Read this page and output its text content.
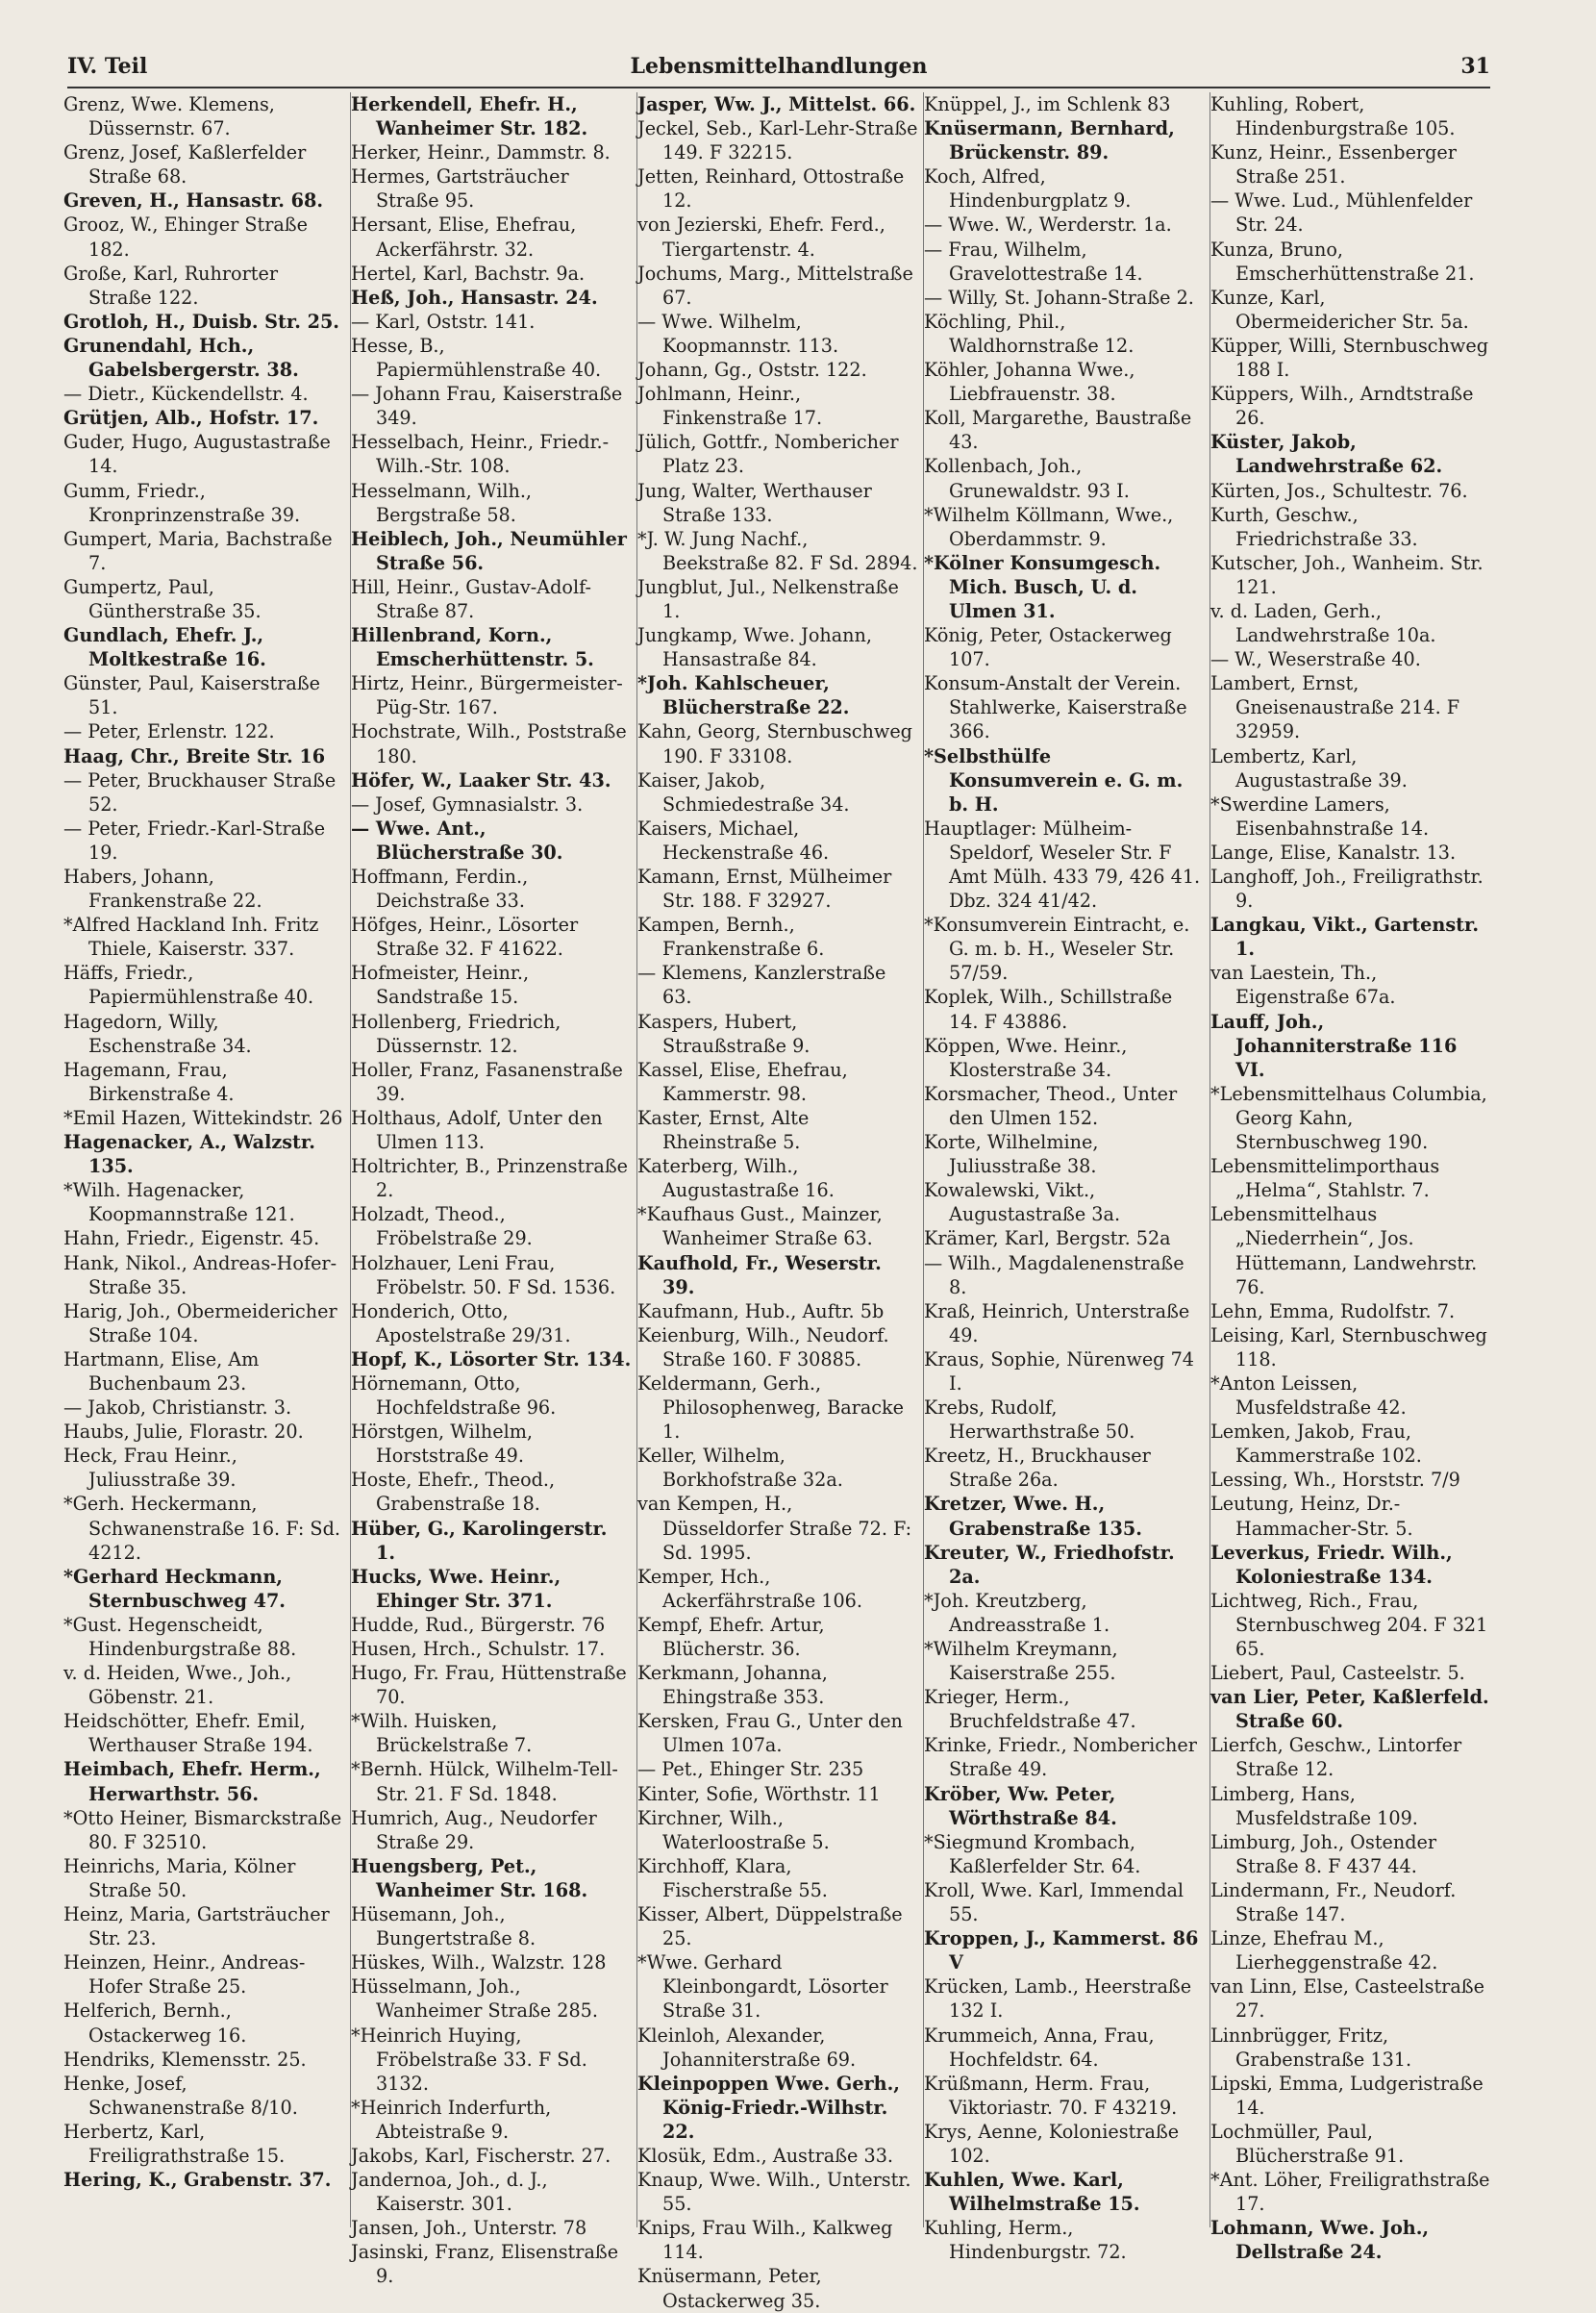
IV. Teil	Lebensmittelhandlungen	31
Grenz, Wwe. Klemens, Düssernstr. 67.
Grenz, Josef, Kaßlerfelder Straße 68.
Greven, H., Hansastr. 68.
Grooz, W., Ehinger Straße 182.
Große, Karl, Ruhrorter Straße 122.
Grotloh, H., Duisb. Str. 25.
Grunendahl, Hch., Gabelsbergerstr. 38.
— Dietr., Kückendellstr. 4.
Grütjen, Alb., Hofstr. 17.
Guder, Hugo, Augustastraße 14.
Gumm, Friedr., Kronprinzenstraße 39.
Gumpert, Maria, Bachstraße 7.
Gumpertz, Paul, Güntherstraße 35.
Gundlach, Ehefr. J., Moltkestraße 16.
Günster, Paul, Kaiserstraße 51.
— Peter, Erlenstr. 122.
Haag, Chr., Breite Str. 16
— Peter, Bruckhauser Straße 52.
— Peter, Friedr.-Karl-Straße 19.
Habers, Johann, Frankenstraße 22.
*Alfred Hackland Inh. Fritz Thiele, Kaiserstr. 337.
Häffs, Friedr., Papiermühlenstraße 40.
Hagedorn, Willy, Eschenstraße 34.
Hagemann, Frau, Birkenstraße 4.
*Emil Hazen, Wittekindstr. 26
Hagenacker, A., Walzstr. 135.
*Wilh. Hagenacker, Koopmannstraße 121.
Hahn, Friedr., Eigenstr. 45.
Hank, Nikol., Andreas-Hofer-Straße 35.
Harig, Joh., Obermeidericher Straße 104.
Hartmann, Elise, Am Buchenbaum 23.
— Jakob, Christianstr. 3.
Haubs, Julie, Florastr. 20.
Heck, Frau Heinr., Juliusstraße 39.
*Gerh. Heckermann, Schwanenstraße 16. F: Sd. 4212.
*Gerhard Heckmann, Sternbuschweg 47.
*Gust. Hegenscheidt, Hindenburgstraße 88.
v. d. Heiden, Wwe., Joh., Göbenstr. 21.
Heidschötter, Ehefr. Emil, Werthauser Straße 194.
Heimbach, Ehefr. Herm., Herwarthstr. 56.
*Otto Heiner, Bismarckstraße 80. F 32510.
Heinrichs, Maria, Kölner Straße 50.
Heinz, Maria, Gartsträucher Str. 23.
Heinzen, Heinr., Andreas-Hofer Straße 25.
Helferich, Bernh., Ostackerweg 16.
Hendriks, Klemensstr. 25.
Henke, Josef, Schwanenstraße 8/10.
Herbertz, Karl, Freiligrathstraße 15.
Hering, K., Grabenstr. 37.
Herkendell, Ehefr. H., Wanheimer Str. 182.
Herker, Heinr., Dammstr. 8.
Hermes, Gartsträucher Straße 95.
Hersant, Elise, Ehefrau, Ackerfährstr. 32.
Hertel, Karl, Bachstr. 9a.
Heß, Joh., Hansastr. 24.
— Karl, Oststr. 141.
Hesse, B., Papiermühlenstraße 40.
— Johann Frau, Kaiserstraße 349.
Hesselbach, Heinr., Friedr.-Wilh.-Str. 108.
Hesselmann, Wilh., Bergstraße 58.
Heiblech, Joh., Neumühler Straße 56.
Hill, Heinr., Gustav-Adolf-Straße 87.
Hillenbrand, Korn., Emscherhüttenstr. 5.
Hirtz, Heinr., Bürgermeister-Püg-Str. 167.
Hochstrate, Wilh., Poststraße 180.
Höfer, W., Laaker Str. 43.
— Josef, Gymnasialstr. 3.
— Wwe. Ant., Blücherstraße 30.
Hoffmann, Ferdin., Deichstraße 33.
Höfges, Heinr., Lösorter Straße 32. F 41622.
Hofmeister, Heinr., Sandstraße 15.
Hollenberg, Friedrich, Düssernstr. 12.
Holler, Franz, Fasanenstraße 39.
Holthaus, Adolf, Unter den Ulmen 113.
Holtrichter, B., Prinzenstraße 2.
Holzadt, Theod., Fröbelstraße 29.
Holzhauer, Leni Frau, Fröbelstr. 50. F Sd. 1536.
Honderich, Otto, Apostelstraße 29/31.
Hopf, K., Lösorter Str. 134.
Hörnemann, Otto, Hochfeldstraße 96.
Hörstgen, Wilhelm, Horststraße 49.
Hoste, Ehefr., Theod., Grabenstraße 18.
Hüber, G., Karolingerstr. 1.
Hucks, Wwe. Heinr., Ehinger Str. 371.
Hudde, Rud., Bürgerstr. 76
Husen, Hrch., Schulstr. 17.
Hugo, Fr. Frau, Hüttenstraße 70.
*Wilh. Huisken, Brückelstraße 7.
*Bernh. Hülck, Wilhelm-Tell-Str. 21. F Sd. 1848.
Humrich, Aug., Neudorfer Straße 29.
Huengsberg, Pet., Wanheimer Str. 168.
Hüsemann, Joh., Bungertstraße 8.
Hüskes, Wilh., Walzstr. 128
Hüsselmann, Joh., Wanheimer Straße 285.
*Heinrich Huying, Fröbelstraße 33. F Sd. 3132.
*Heinrich Inderfurth, Abteistraße 9.
Jakobs, Karl, Fischerstr. 27.
Jandernoa, Joh., d. J., Kaiserstr. 301.
Jansen, Joh., Unterstr. 78
Jasinski, Franz, Elisenstraße 9.
Jasper, Ww. J., Mittelst. 66.
Jeckel, Seb., Karl-Lehr-Straße 149. F 32215.
Jetten, Reinhard, Ottostraße 12.
von Jezierski, Ehefr. Ferd., Tiergartenstr. 4.
Jochums, Marg., Mittelstraße 67.
— Wwe. Wilhelm, Koopmannstr. 113.
Johann, Gg., Oststr. 122.
Johlmann, Heinr., Finkenstraße 17.
Jülich, Gottfr., Nombericher Platz 23.
Jung, Walter, Werthauser Straße 133.
*J. W. Jung Nachf., Beekstraße 82. F Sd. 2894.
Jungblut, Jul., Nelkenstraße 1.
Jungkamp, Wwe. Johann, Hansastraße 84.
*Joh. Kahlscheuer, Blücherstraße 22.
Kahn, Georg, Sternbuschweg 190. F 33108.
Kaiser, Jakob, Schmiedestraße 34.
Kaisers, Michael, Heckenstraße 46.
Kamann, Ernst, Mülheimer Str. 188. F 32927.
Kampen, Bernh., Frankenstraße 6.
— Klemens, Kanzlerstraße 63.
Kaspers, Hubert, Straußstraße 9.
Kassel, Elise, Ehefrau, Kammerstr. 98.
Kaster, Ernst, Alte Rheinstraße 5.
Katerberg, Wilh., Augustastraße 16.
*Kaufhaus Gust., Mainzer, Wanheimer Straße 63.
Kaufhold, Fr., Weserstr. 39.
Kaufmann, Hub., Auftr. 5b
Keienburg, Wilh., Neudorf. Straße 160. F 30885.
Keldermann, Gerh., Philosophenweg, Baracke 1.
Keller, Wilhelm, Borkhofstraße 32a.
van Kempen, H., Düsseldorfer Straße 72. F: Sd. 1995.
Kemper, Hch., Ackerfährstraße 106.
Kempf, Ehefr. Artur, Blücherstr. 36.
Kerkmann, Johanna, Ehingstraße 353.
Kersken, Frau G., Unter den Ulmen 107a.
— Pet., Ehinger Str. 235
Kinter, Sofie, Wörthstr. 11
Kirchner, Wilh., Waterloostraße 5.
Kirchhoff, Klara, Fischerstraße 55.
Kisser, Albert, Düppelstraße 25.
*Wwe. Gerhard Kleinbongardt, Lösorter Straße 31.
Kleinloh, Alexander, Johanniterstraße 69.
Kleinpoppen Wwe. Gerh., König-Friedr.-Wilhstr. 22.
Klosük, Edm., Austraße 33.
Knaup, Wwe. Wilh., Unterstr. 55.
Knips, Frau Wilh., Kalkweg 114.
Knüsermann, Peter, Ostackerweg 35.
Knüppel, J., im Schlenk 83
Knüsermann, Bernhard, Brückenstr. 89.
Koch, Alfred, Hindenburgplatz 9.
— Wwe. W., Werderstr. 1a.
— Frau, Wilhelm, Gravelottestraße 14.
— Willy, St. Johann-Straße 2.
Köchling, Phil., Waldhornstraße 12.
Köhler, Johanna Wwe., Liebfrauenstr. 38.
Koll, Margarethe, Baustraße 43.
Kollenbach, Joh., Grunewaldstr. 93 I.
*Wilhelm Köllmann, Wwe., Oberdammstr. 9.
*Kölner Konsumgesch. Mich. Busch, U. d. Ulmen 31.
König, Peter, Ostackerweg 107.
Konsum-Anstalt der Verein. Stahlwerke, Kaiserstraße 366.
*Selbsthülfe Konsumverein e. G. m. b. H.
Hauptlager: Mülheim-Speldorf, Weseler Str. F Amt Mülh. 433 79, 426 41. Dbz. 324 41/42.
*Konsumverein Eintracht, e. G. m. b. H., Weseler Str. 57/59.
Koplek, Wilh., Schillstraße 14. F 43886.
Köppen, Wwe. Heinr., Klosterstraße 34.
Korsmacher, Theod., Unter den Ulmen 152.
Korte, Wilhelmine, Juliusstraße 38.
Kowalewski, Vikt., Augustastraße 3a.
Krämer, Karl, Bergstr. 52a
— Wilh., Magdalenenstraße 8.
Kraß, Heinrich, Unterstraße 49.
Kraus, Sophie, Nürenweg 74 I.
Krebs, Rudolf, Herwarthstraße 50.
Kreetz, H., Bruckhauser Straße 26a.
Kretzer, Wwe. H., Grabenstraße 135.
Kreuter, W., Friedhofstr. 2a.
*Joh. Kreutzberg, Andreasstraße 1.
*Wilhelm Kreymann, Kaiserstraße 255.
Krieger, Herm., Bruchfeldstraße 47.
Krinke, Friedr., Nombericher Straße 49.
Kröber, Ww. Peter, Wörthstraße 84.
*Siegmund Krombach, Kaßlerfelder Str. 64.
Kroll, Wwe. Karl, Immendal 55.
Kroppen, J., Kammerst. 86 V
Krücken, Lamb., Heerstraße 132 I.
Krummeich, Anna, Frau, Hochfeldstr. 64.
Krüßmann, Herm. Frau, Viktoriastr. 70. F 43219.
Krys, Aenne, Koloniestraße 102.
Kuhlen, Wwe. Karl, Wilhelmstraße 15.
Kuhling, Herm., Hindenburgstr. 72.
Kuhling, Robert, Hindenburgstraße 105.
Kunz, Heinr., Essenberger Straße 251.
— Wwe. Lud., Mühlenfelder Str. 24.
Kunza, Bruno, Emscherhüttenstraße 21.
Kunze, Karl, Obermeidericher Str. 5a.
Küpper, Willi, Sternbuschweg 188 I.
Küppers, Wilh., Arndtstraße 26.
Küster, Jakob, Landwehrstraße 62.
Kürten, Jos., Schultestr. 76.
Kurth, Geschw., Friedrichstraße 33.
Kutscher, Joh., Wanheim. Str. 121.
v. d. Laden, Gerh., Landwehrstraße 10a.
— W., Weserstraße 40.
Lambert, Ernst, Gneisenaustraße 214. F 32959.
Lembertz, Karl, Augustastraße 39.
*Swerdine Lamers, Eisenbahnstraße 14.
Lange, Elise, Kanalstr. 13.
Langhoff, Joh., Freiligrathstr. 9.
Langkau, Vikt., Gartenstr. 1.
van Laestein, Th., Eigenstraße 67a.
Lauff, Joh., Johanniterstraße 116 VI.
*Lebensmittelhaus Columbia, Georg Kahn, Sternbuschweg 190.
Lebensmittelimporthaus „Helma“, Stahlstr. 7.
Lebensmittelhaus „Niederrhein“, Jos. Hüttemann, Landwehrstr. 76.
Lehn, Emma, Rudolfstr. 7.
Leising, Karl, Sternbuschweg 118.
*Anton Leissen, Musfeldstraße 42.
Lemken, Jakob, Frau, Kammerstraße 102.
Lessing, Wh., Horststr. 7/9
Leutung, Heinz, Dr.-Hammacher-Str. 5.
Leverkus, Friedr. Wilh., Koloniestraße 134.
Lichtweg, Rich., Frau, Sternbuschweg 204. F 321 65.
Liebert, Paul, Casteelstr. 5.
van Lier, Peter, Kaßlerfeld. Straße 60.
Lierfch, Geschw., Lintorfer Straße 12.
Limberg, Hans, Musfeldstraße 109.
Limburg, Joh., Ostender Straße 8. F 437 44.
Lindermann, Fr., Neudorf. Straße 147.
Linze, Ehefrau M., Lierheggenstraße 42.
van Linn, Else, Casteelstraße 27.
Linnbrügger, Fritz, Grabenstraße 131.
Lipski, Emma, Ludgeristraße 14.
Lochmüller, Paul, Blücherstraße 91.
*Ant. Löher, Freiligrathstraße 17.
Lohmann, Wwe. Joh., Dellstraße 24.
